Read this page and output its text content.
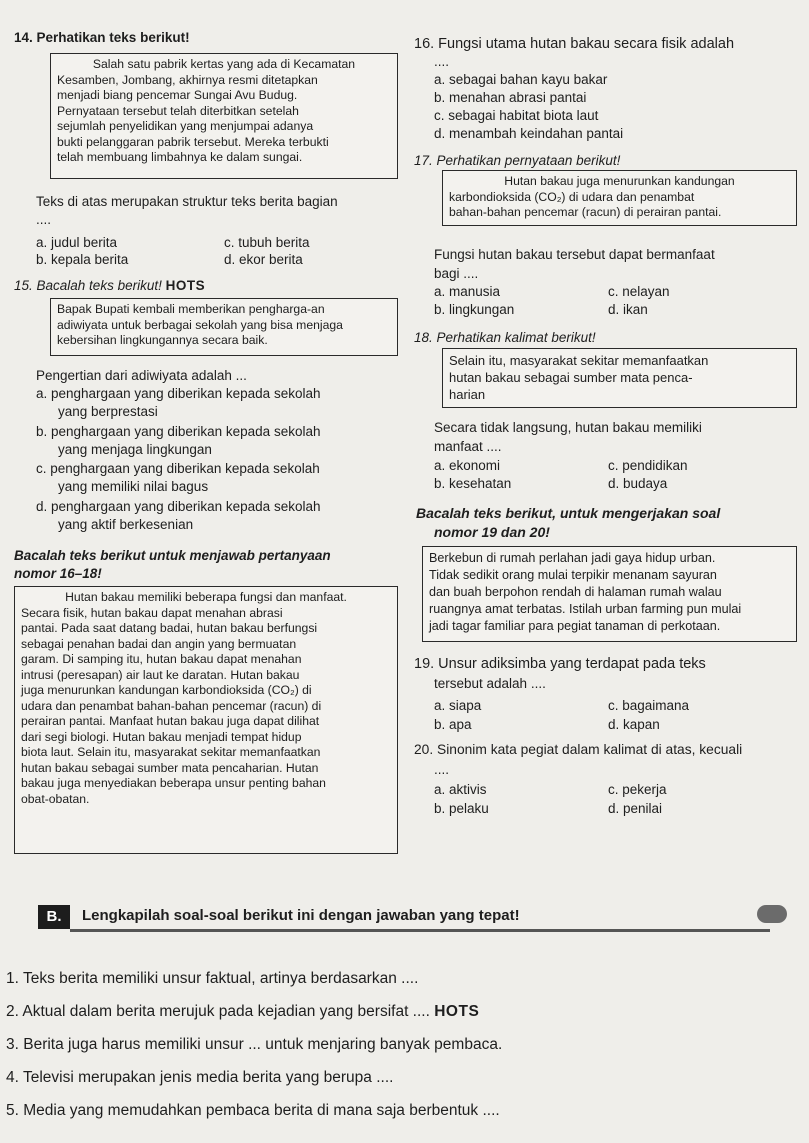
14. Perhatikan teks berikut!

Salah satu pabrik kertas yang ada di Kecamatan

Kesamben, Jombang, akhirnya resmi ditetapkan

menjadi biang pencemar Sungai Avu Budug.

Pernyataan tersebut telah diterbitkan setelah

sejumlah penyelidikan yang menjumpai adanya

bukti pelanggaran pabrik tersebut. Mereka terbukti

telah membuang limbahnya ke dalam sungai.

Teks di atas merupakan struktur teks berita bagian
....
a. judul berita
b. kepala berita
c. tubuh berita
d. ekor berita
15. Bacalah teks berikut! HOTS

Bapak Bupati kembali memberikan pengharga-an

adiwiyata untuk berbagai sekolah yang bisa menjaga

kebersihan lingkungannya secara baik.

Pengertian dari adiwiyata adalah ...
a. penghargaan yang diberikan kepada sekolah
yang berprestasi
b. penghargaan yang diberikan kepada sekolah
yang menjaga lingkungan
c. penghargaan yang diberikan kepada sekolah
yang memiliki nilai bagus
d. penghargaan yang diberikan kepada sekolah
yang aktif berkesenian
Bacalah teks berikut untuk menjawab pertanyaan
nomor 16–18!

Hutan bakau memiliki beberapa fungsi dan manfaat.

Secara fisik, hutan bakau dapat menahan abrasi

pantai. Pada saat datang badai, hutan bakau berfungsi

sebagai penahan badai dan angin yang bermuatan

garam. Di samping itu, hutan bakau dapat menahan

intrusi (peresapan) air laut ke daratan. Hutan bakau

juga menurunkan kandungan karbondioksida (CO₂) di

udara dan penambat bahan-bahan pencemar (racun) di

perairan pantai. Manfaat hutan bakau juga dapat dilihat

dari segi biologi. Hutan bakau menjadi tempat hidup

biota laut. Selain itu, masyarakat sekitar memanfaatkan

hutan bakau sebagai sumber mata pencaharian. Hutan

bakau juga menyediakan beberapa unsur penting bahan

obat-obatan.

16. Fungsi utama hutan bakau secara fisik adalah
....
a. sebagai bahan kayu bakar
b. menahan abrasi pantai
c. sebagai habitat biota laut
d. menambah keindahan pantai
17. Perhatikan pernyataan berikut!

Hutan bakau juga menurunkan kandungan

karbondioksida (CO₂) di udara dan penambat

bahan-bahan pencemar (racun) di perairan pantai.

Fungsi hutan bakau tersebut dapat bermanfaat
bagi ....
a. manusia
b. lingkungan
c. nelayan
d. ikan
18. Perhatikan kalimat berikut!

Selain itu, masyarakat sekitar memanfaatkan

hutan bakau sebagai sumber mata penca-

harian

Secara tidak langsung, hutan bakau memiliki
manfaat ....
a. ekonomi
b. kesehatan
c. pendidikan
d. budaya
Bacalah teks berikut, untuk mengerjakan soal
nomor 19 dan 20!

Berkebun di rumah perlahan jadi gaya hidup urban.

Tidak sedikit orang mulai terpikir menanam sayuran

dan buah berpohon rendah di halaman rumah walau

ruangnya amat terbatas. Istilah urban farming pun mulai

jadi tagar familiar para pegiat tanaman di perkotaan.

19. Unsur adiksimba yang terdapat pada teks
tersebut adalah ....
a. siapa
b. apa
c. bagaimana
d. kapan
20. Sinonim kata pegiat dalam kalimat di atas, kecuali
....
a. aktivis
b. pelaku
c. pekerja
d. penilai
B.	Lengkapilah soal-soal berikut ini dengan jawaban yang tepat!
1. Teks berita memiliki unsur faktual, artinya berdasarkan ....
2. Aktual dalam berita merujuk pada kejadian yang bersifat .... HOTS
3. Berita juga harus memiliki unsur ... untuk menjaring banyak pembaca.
4. Televisi merupakan jenis media berita yang berupa ....
5. Media yang memudahkan pembaca berita di mana saja berbentuk ....
